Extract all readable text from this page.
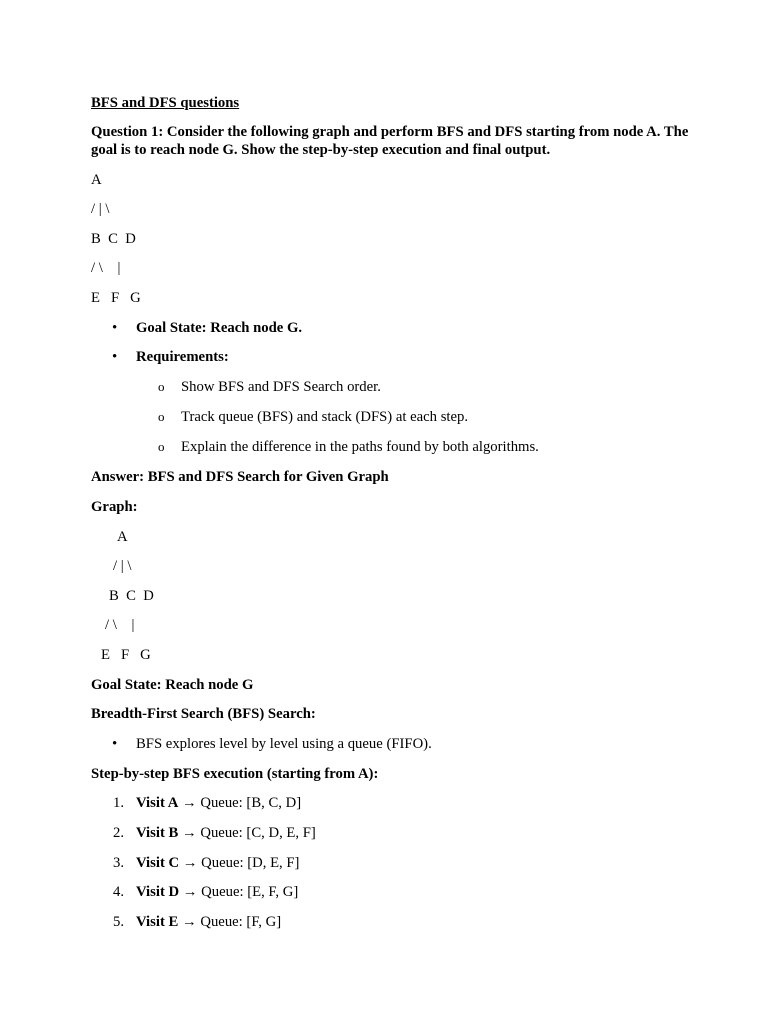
BFS and DFS questions
Question 1: Consider the following graph and perform BFS and DFS starting from node A. The
goal is to reach node G. Show the step-by-step execution and final output.
A
/ | \
B  C  D
/ \    |
E   F   G
• Goal State: Reach node G.
• Requirements:
o Show BFS and DFS Search order.
o Track queue (BFS) and stack (DFS) at each step.
o Explain the difference in the paths found by both algorithms.
Answer: BFS and DFS Search for Given Graph
Graph:
A
/ | \
B  C  D
/ \    |
E   F   G
Goal State: Reach node G
Breadth-First Search (BFS) Search:
• BFS explores level by level using a queue (FIFO).
Step-by-step BFS execution (starting from A):
1. Visit A → Queue: [B, C, D]
2. Visit B → Queue: [C, D, E, F]
3. Visit C → Queue: [D, E, F]
4. Visit D → Queue: [E, F, G]
5. Visit E → Queue: [F, G]
